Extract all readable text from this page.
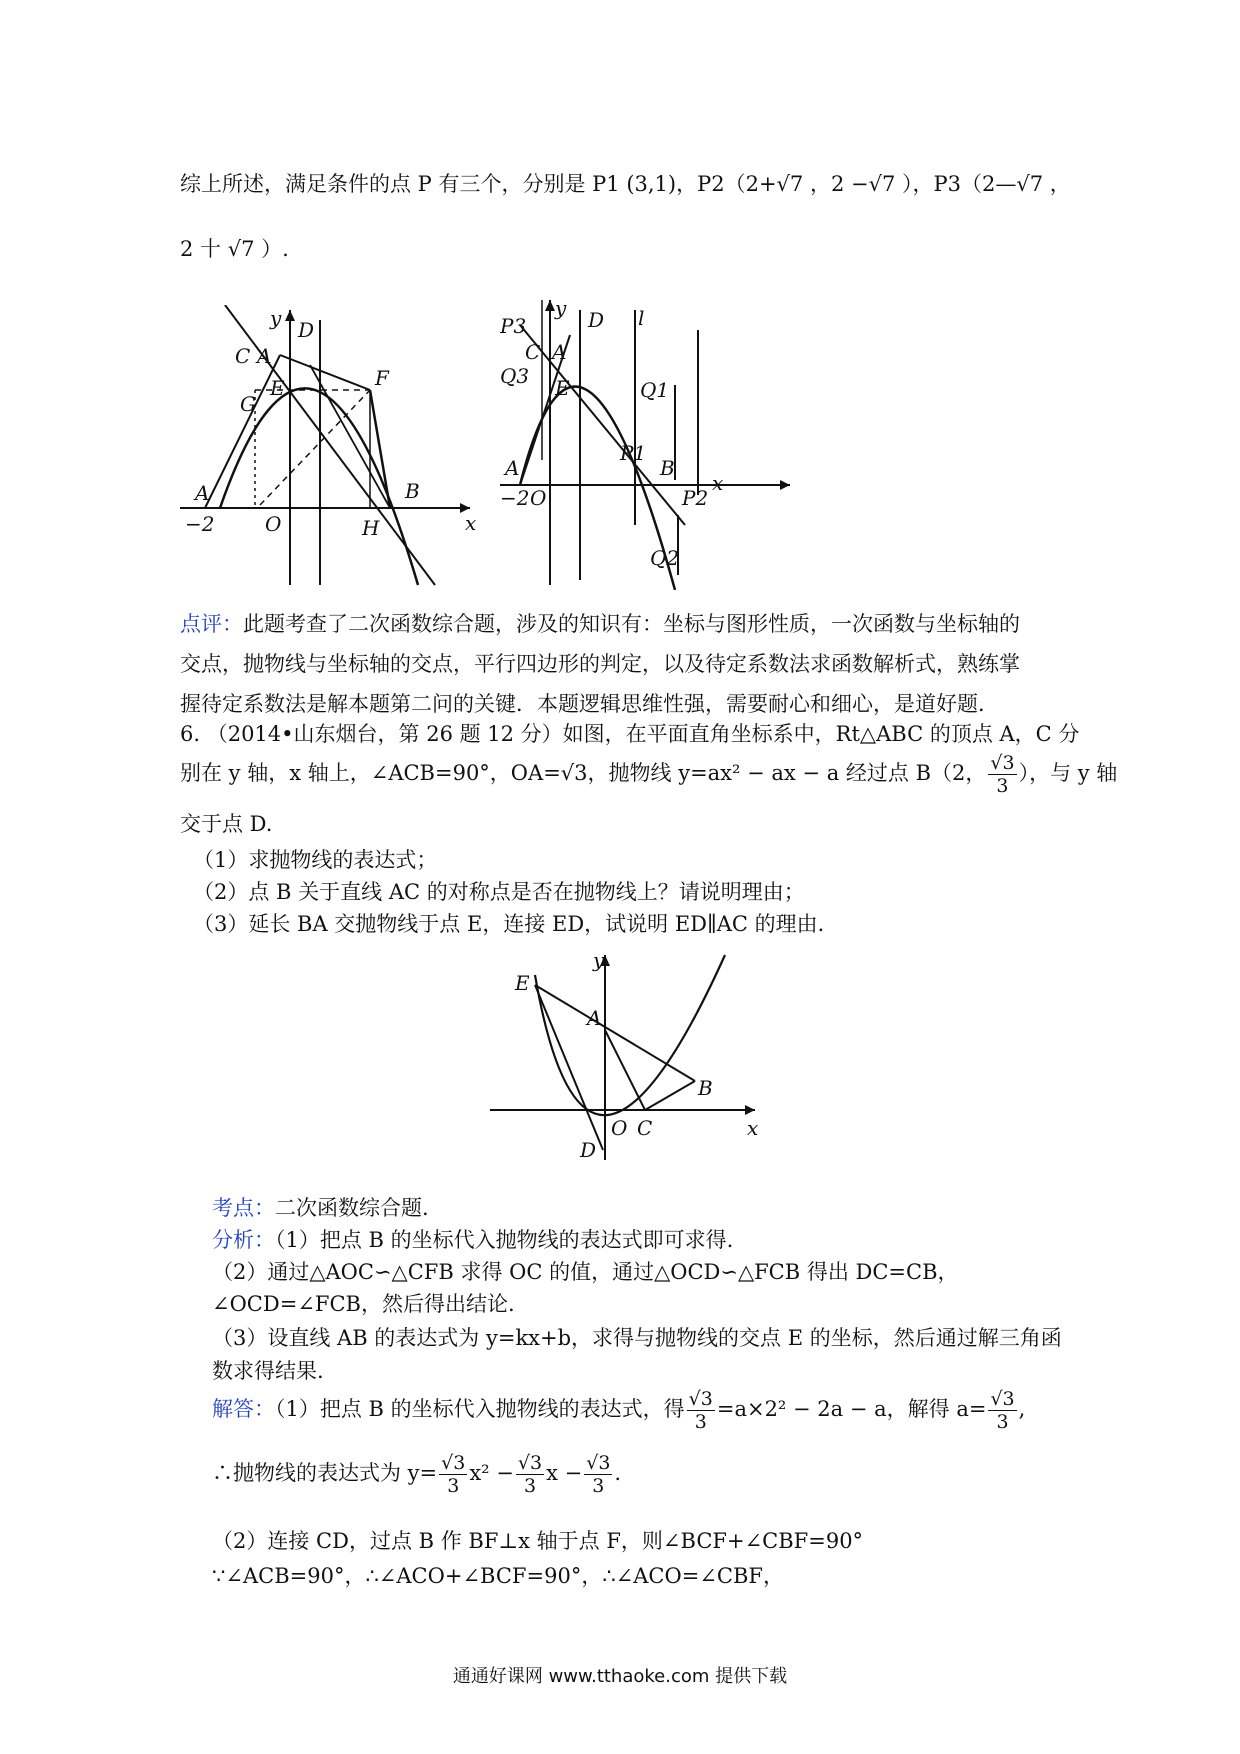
综上所述，满足条件的点 P 有三个，分别是 P1 (3,1)，P2（2+√7 ，2 −√7 ），P3（2—√7 ，
2 十 √7 ）.
y D
C A
E
G
F
A
−2	O	H
B
x
y D l
P3
C A
Q3 E	Q1
P1
B
A
−2 O	P2
x
Q2
点评：此题考查了二次函数综合题，涉及的知识有：坐标与图形性质，一次函数与坐标轴的
交点，抛物线与坐标轴的交点，平行四边形的判定，以及待定系数法求函数解析式，熟练掌
握待定系数法是解本题第二问的关键．本题逻辑思维性强，需要耐心和细心，是道好题．
6. （2014•山东烟台，第 26 题 12 分）如图，在平面直角坐标系中，Rt△ABC 的顶点 A，C 分
别在 y 轴，x 轴上，∠ACB=90°，OA=√3，抛物线 y=ax² − ax − a 经过点 B（2， $\frac{√3}{3}$ ），与 y 轴
交于点 D.
（1）求抛物线的表达式；
（2）点 B 关于直线 AC 的对称点是否在抛物线上？请说明理由；
（3）延长 BA 交抛物线于点 E，连接 ED，试说明 ED∥AC 的理由．
y
E
A
B
O C	x
D
考点：二次函数综合题.
分析：（1）把点 B 的坐标代入抛物线的表达式即可求得.
（2）通过△AOC∽△CFB 求得 OC 的值，通过△OCD∽△FCB 得出 DC=CB，
∠OCD=∠FCB，然后得出结论.
（3）设直线 AB 的表达式为 y=kx+b，求得与抛物线的交点 E 的坐标，然后通过解三角函
数求得结果.
解答：（1）把点 B 的坐标代入抛物线的表达式，得 $\frac{√3}{3} =a\times 2^2 - 2a - a$，解得 $a= \frac{√3}{3}$ ,
∴抛物线的表达式为 $y= \frac{√3}{3} x^2 - \frac{√3}{3}$ $x - \frac{√3}{3}$ .
（2）连接 CD，过点 B 作 BF⊥x 轴于点 F，则∠BCF+∠CBF=90°
∵∠ACB=90°，∴∠ACO+∠BCF=90°，∴∠ACO=∠CBF，
通通好课网 www.tthaoke.com 提供下载
